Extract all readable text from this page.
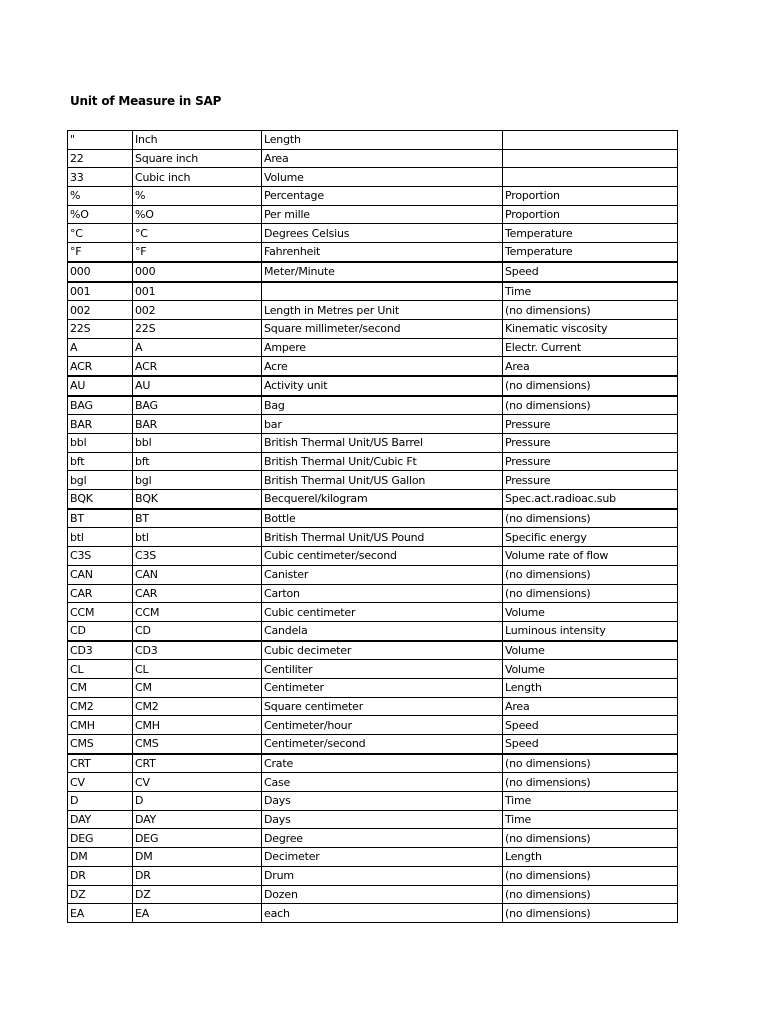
Unit of Measure in SAP
"	Inch	Length	
22	Square inch	Area	
33	Cubic inch	Volume	
%	%	Percentage	Proportion
%O	%O	Per mille	Proportion
°C	°C	Degrees Celsius	Temperature
°F	°F	Fahrenheit	Temperature
000	000	Meter/Minute	Speed
001	001		Time
002	002	Length in Metres per Unit	(no dimensions)
22S	22S	Square millimeter/second	Kinematic viscosity
A	A	Ampere	Electr. Current
ACR	ACR	Acre	Area
AU	AU	Activity unit	(no dimensions)
BAG	BAG	Bag	(no dimensions)
BAR	BAR	bar	Pressure
bbl	bbl	British Thermal Unit/US Barrel	Pressure
bft	bft	British Thermal Unit/Cubic Ft	Pressure
bgl	bgl	British Thermal Unit/US Gallon	Pressure
BQK	BQK	Becquerel/kilogram	Spec.act.radioac.sub
BT	BT	Bottle	(no dimensions)
btl	btl	British Thermal Unit/US Pound	Specific energy
C3S	C3S	Cubic centimeter/second	Volume rate of flow
CAN	CAN	Canister	(no dimensions)
CAR	CAR	Carton	(no dimensions)
CCM	CCM	Cubic centimeter	Volume
CD	CD	Candela	Luminous intensity
CD3	CD3	Cubic decimeter	Volume
CL	CL	Centiliter	Volume
CM	CM	Centimeter	Length
CM2	CM2	Square centimeter	Area
CMH	CMH	Centimeter/hour	Speed
CMS	CMS	Centimeter/second	Speed
CRT	CRT	Crate	(no dimensions)
CV	CV	Case	(no dimensions)
D	D	Days	Time
DAY	DAY	Days	Time
DEG	DEG	Degree	(no dimensions)
DM	DM	Decimeter	Length
DR	DR	Drum	(no dimensions)
DZ	DZ	Dozen	(no dimensions)
EA	EA	each	(no dimensions)
